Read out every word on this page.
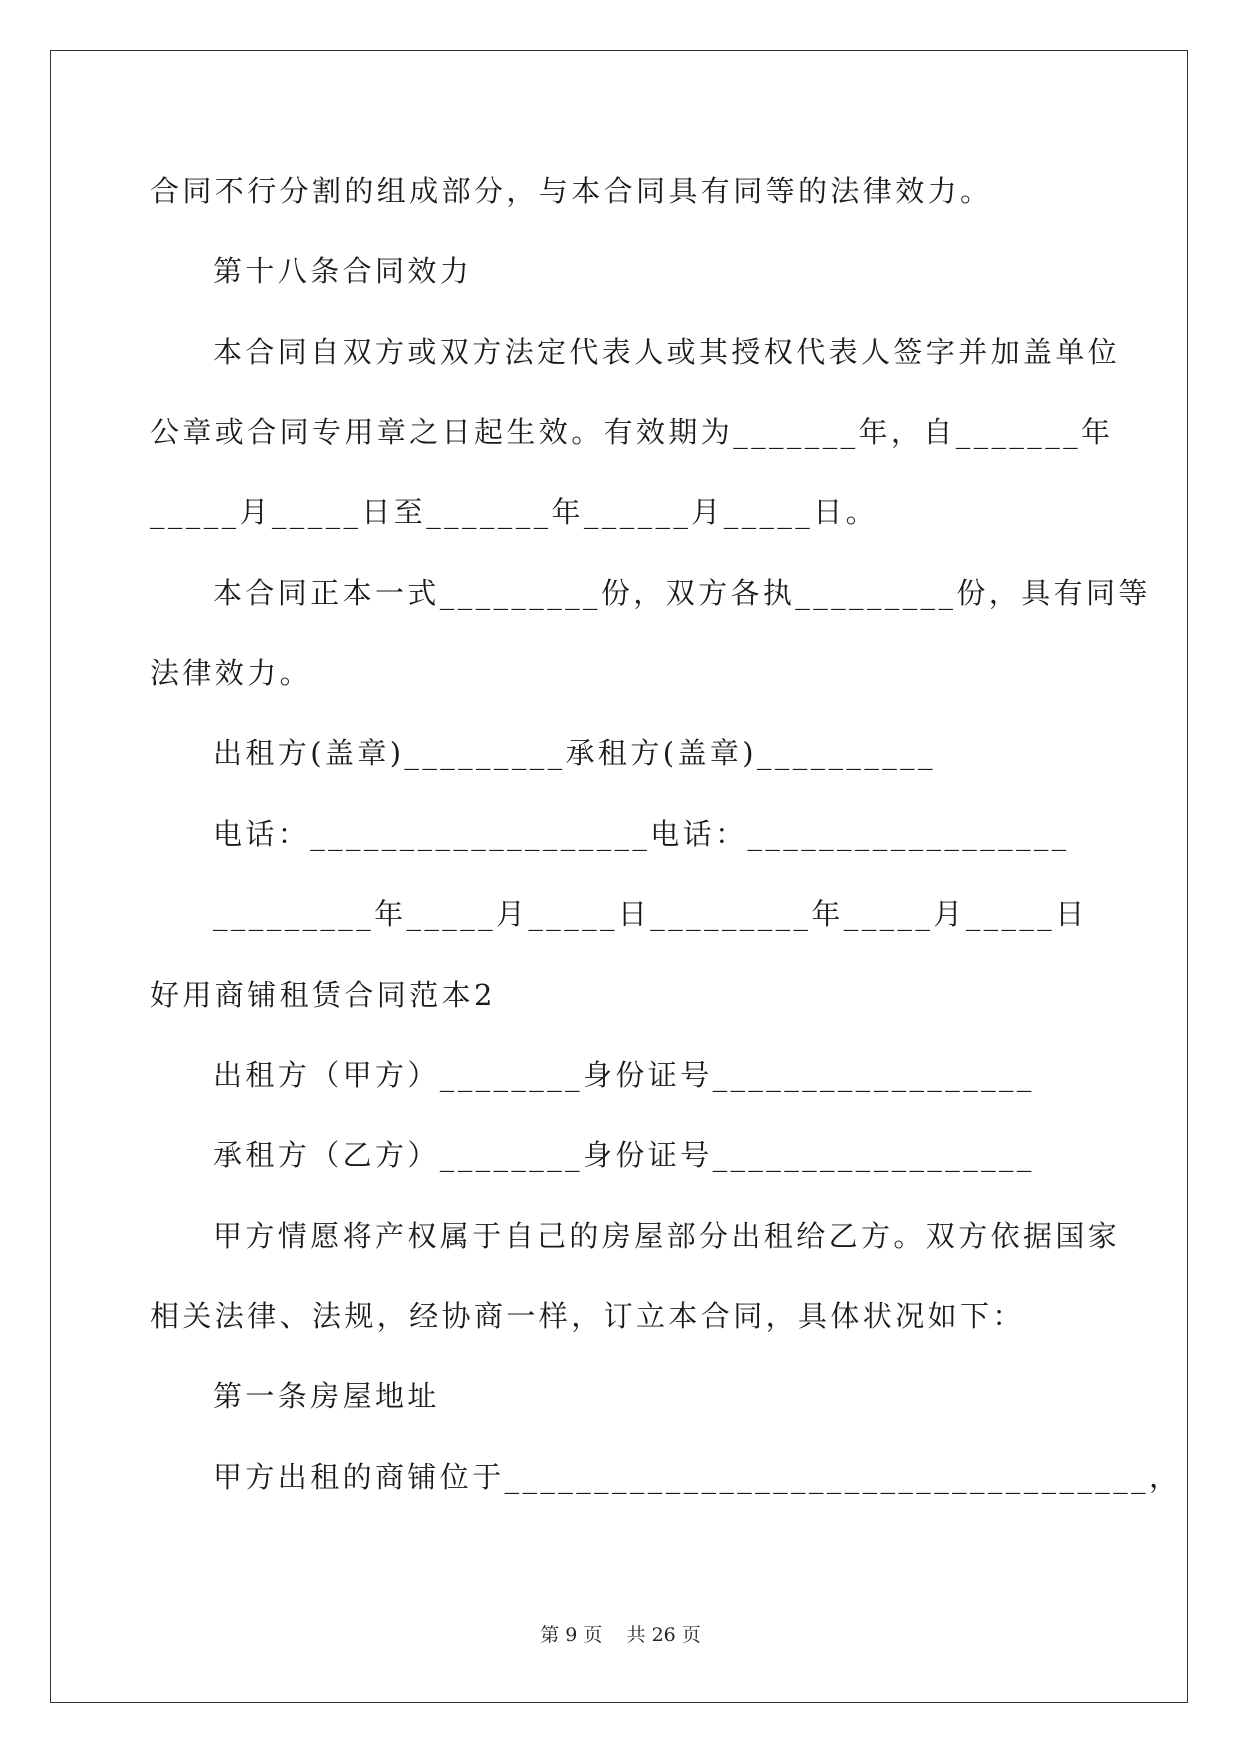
合同不行分割的组成部分，与本合同具有同等的法律效力。
第十八条合同效力
本合同自双方或双方法定代表人或其授权代表人签字并加盖单位
公章或合同专用章之日起生效。有效期为_______年，自_______年
_____月_____日至_______年______月_____日。
本合同正本一式_________份，双方各执_________份，具有同等
法律效力。
出租方(盖章)_________承租方(盖章)__________
电话：___________________电话：__________________
_________年_____月_____日_________年_____月_____日
好用商铺租赁合同范本2
出租方（甲方）________身份证号__________________
承租方（乙方）________身份证号__________________
甲方情愿将产权属于自己的房屋部分出租给乙方。双方依据国家
相关法律、法规，经协商一样，订立本合同，具体状况如下：
第一条房屋地址
甲方出租的商铺位于____________________________________，
第 9 页    共 26 页
